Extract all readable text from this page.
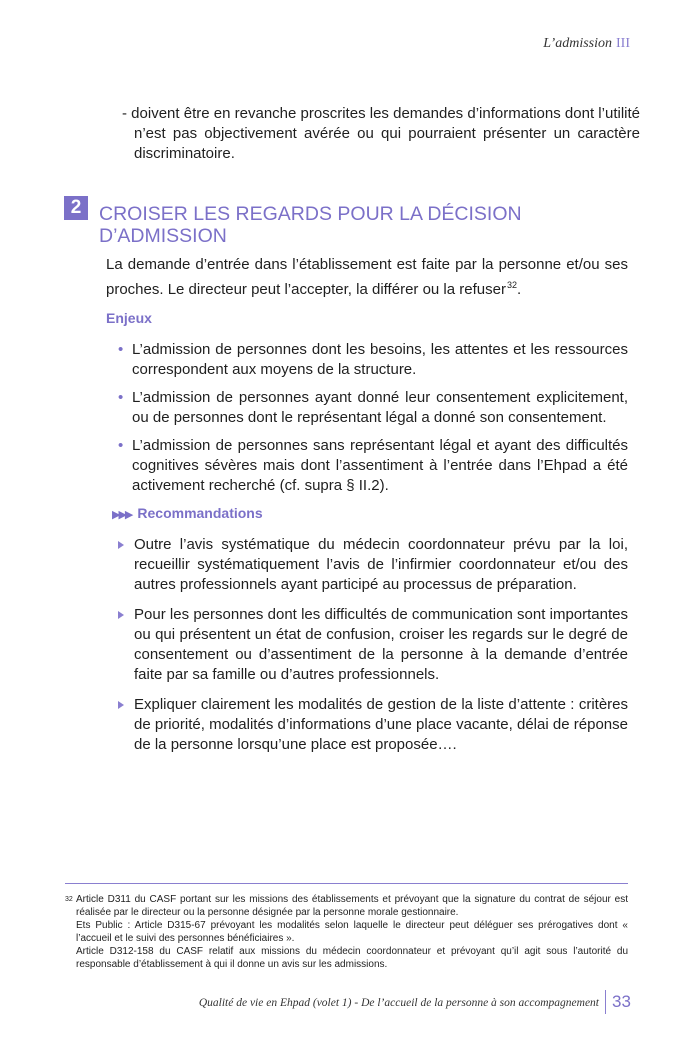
L’admission III
- doivent être en revanche proscrites les demandes d’informations dont l’utilité n’est pas objectivement avérée ou qui pourraient présenter un caractère discriminatoire.
2 CROISER LES REGARDS POUR LA DÉCISION D’ADMISSION
La demande d’entrée dans l’établissement est faite par la personne et/ou ses proches. Le directeur peut l’accepter, la différer ou la refuser$^{32}$.
Enjeux
• L’admission de personnes dont les besoins, les attentes et les ressources correspondent aux moyens de la structure.
• L’admission de personnes ayant donné leur consentement explicitement, ou de personnes dont le représentant légal a donné son consentement.
• L’admission de personnes sans représentant légal et ayant des difficultés cognitives sévères mais dont l’assentiment à l’entrée dans l’Ehpad a été activement recherché (cf. supra § II.2).
▶▶▶ Recommandations
Outre l’avis systématique du médecin coordonnateur prévu par la loi, recueillir systématiquement l’avis de l’infirmier coordonnateur et/ou des autres professionnels ayant participé au processus de préparation.
Pour les personnes dont les difficultés de communication sont importantes ou qui présentent un état de confusion, croiser les regards sur le degré de consentement ou d’assentiment de la personne à la demande d’entrée faite par sa famille ou d’autres professionnels.
Expliquer clairement les modalités de gestion de la liste d’attente : critères de priorité, modalités d’informations d’une place vacante, délai de réponse de la personne lorsqu’une place est proposée….
32 Article D311 du CASF portant sur les missions des établissements et prévoyant que la signature du contrat de séjour est réalisée par le directeur ou la personne désignée par la personne morale gestionnaire.

Ets Public : Article D315-67 prévoyant les modalités selon laquelle le directeur peut déléguer ses prérogatives dont « l’accueil et le suivi des personnes bénéficiaires ».

Article D312-158 du CASF relatif aux missions du médecin coordonnateur et prévoyant qu’il agit sous l’autorité du responsable d’établissement à qui il donne un avis sur les admissions.

Qualité de vie en Ehpad (volet 1) - De l’accueil de la personne à son accompagnement 33
